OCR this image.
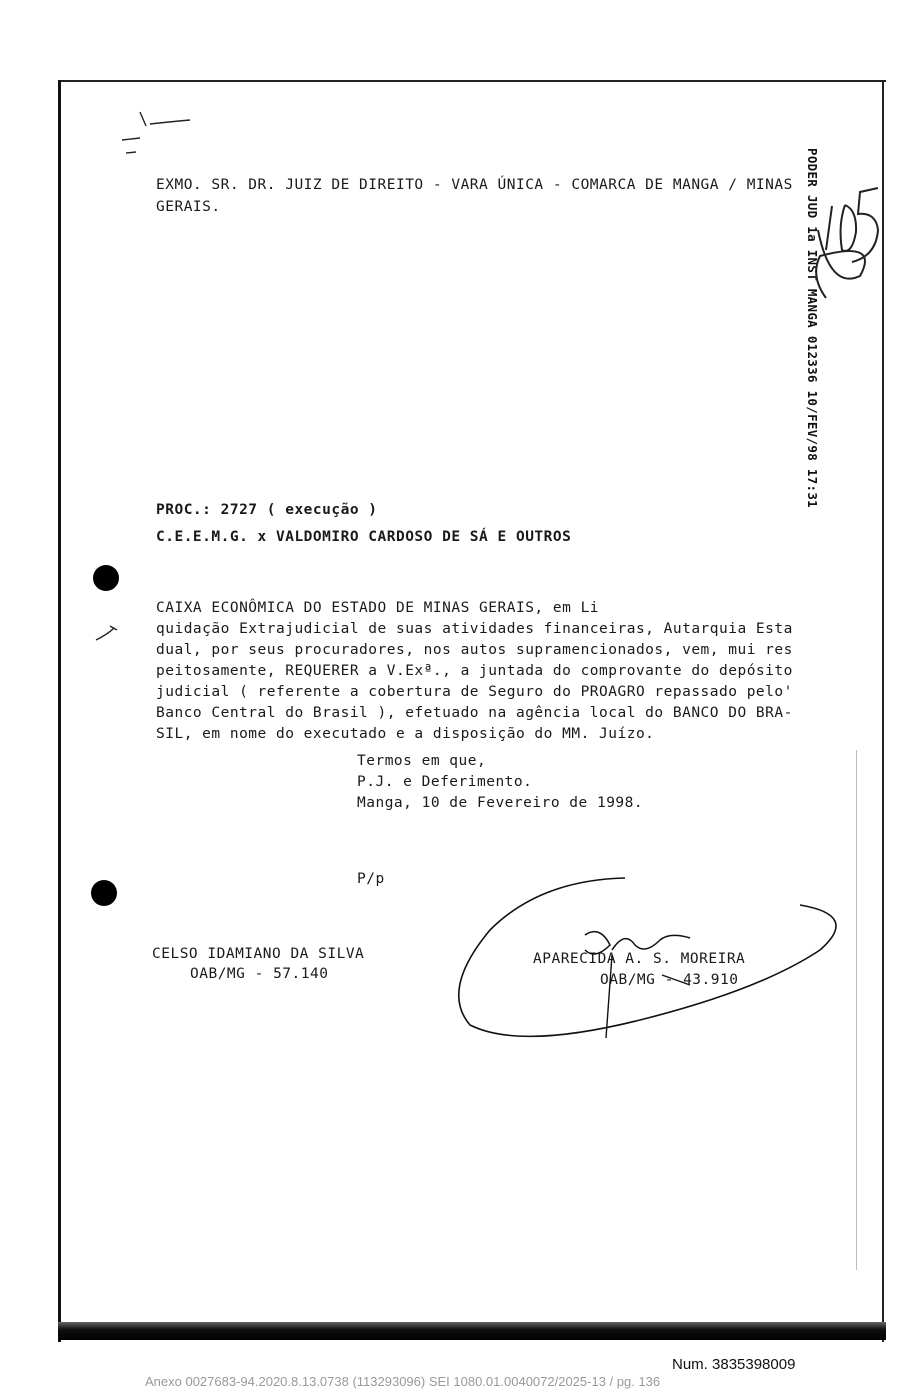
EXMO. SR. DR. JUIZ DE DIREITO - VARA ÚNICA - COMARCA DE MANGA / MINAS
GERAIS.	PODER JUD 1a INST MANGA 012336 10/FEV/98 17:31
PROC.: 2727 ( execução )
C.E.E.M.G. x VALDOMIRO CARDOSO DE SÁ E OUTROS
CAIXA ECONÔMICA DO ESTADO DE MINAS GERAIS, em Li
quidação Extrajudicial de suas atividades financeiras, Autarquia Esta
dual, por seus procuradores, nos autos supramencionados, vem, mui res
peitosamente, REQUERER a V.Exª., a juntada do comprovante do depósito
judicial ( referente a cobertura de Seguro do PROAGRO repassado pelo'
Banco Central do Brasil ), efetuado na agência local do BANCO DO BRA-
SIL, em nome do executado e a disposição do MM. Juízo.
Termos em que,
P.J. e Deferimento.
Manga, 10 de Fevereiro de 1998.
P/p
CELSO IDAMIANO DA SILVA
OAB/MG - 57.140
APARECIDA A. S. MOREIRA
OAB/MG - 43.910
Num. 3835398009
Anexo 0027683-94.2020.8.13.0738 (113293096) SEI 1080.01.0040072/2025-13 / pg. 136
